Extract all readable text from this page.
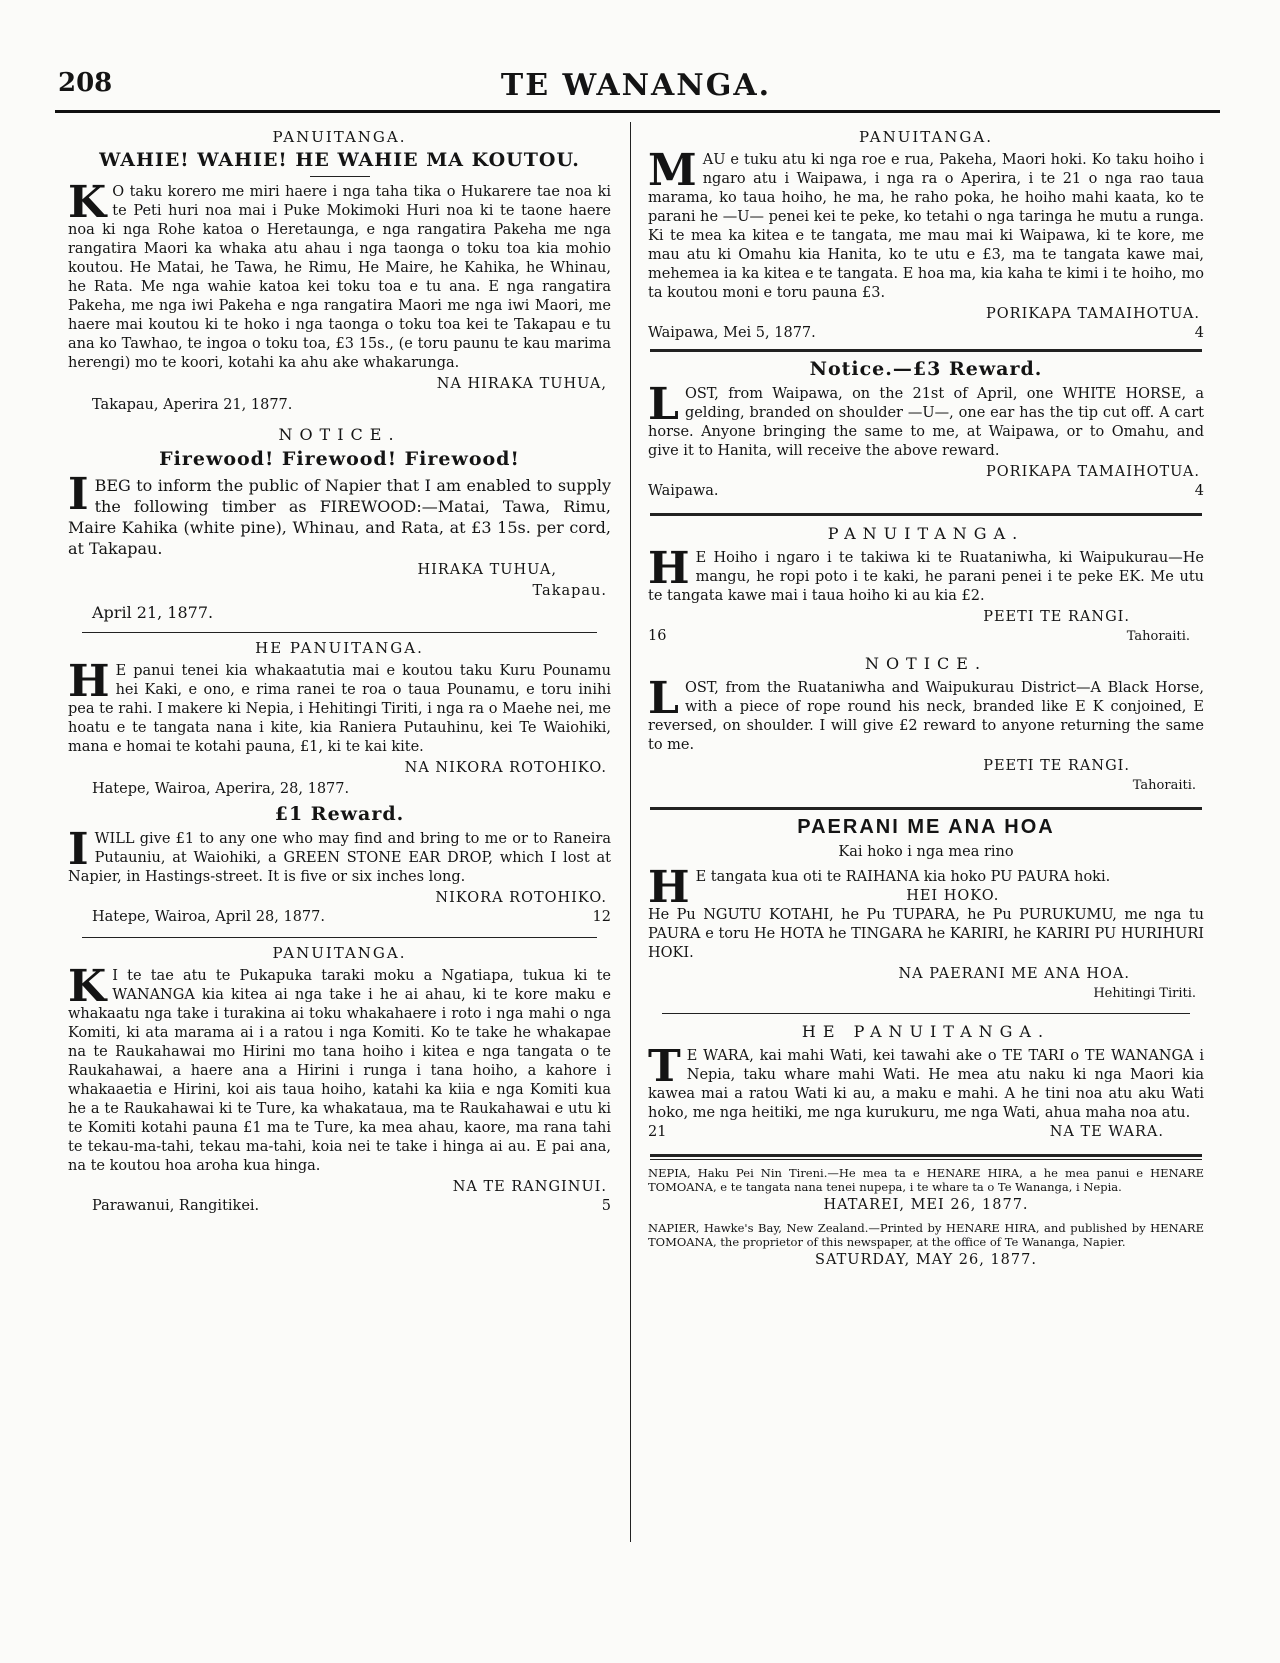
208	TE WANANGA.
PANUITANGA.
WAHIE! WAHIE! HE WAHIE MA KOUTOU.
K O taku korero me miri haere i nga taha tika o Hukarere tae noa ki te Peti huri noa mai i Puke Mokimoki Huri noa ki te taone haere noa ki nga Rohe katoa o Heretaunga, e nga rangatira Pakeha me nga rangatira Maori ka whaka atu ahau i nga taonga o toku toa kia mohio koutou. He Matai, he Tawa, he Rimu, He Maire, he Kahika, he Whinau, he Rata. Me nga wahie katoa kei toku toa e tu ana. E nga rangatira Pakeha, me nga iwi Pakeha e nga rangatira Maori me nga iwi Maori, me haere mai koutou ki te hoko i nga taonga o toku toa kei te Takapau e tu ana ko Tawhao, te ingoa o toku toa, £3 15s., (e toru paunu te kau marima herengi) mo te koori, kotahi ka ahu ake whakarunga.
NA HIRAKA TUHUA,
Takapau, Aperira 21, 1877.
NOTICE.
Firewood! Firewood! Firewood!
IBEG to inform the public of Napier that I am enabled to supply the following timber as FIREWOOD:—Matai, Tawa, Rimu, Maire Kahika (white pine), Whinau, and Rata, at £3 15s. per cord, at Takapau.
HIRAKA TUHUA,
Takapau.
April 21, 1877.
HE PANUITANGA.
H E panui tenei kia whakaatutia mai e koutou taku Kuru Pounamu hei Kaki, e ono, e rima ranei te roa o taua Pounamu, e toru inihi pea te rahi. I makere ki Nepia, i Hehitingi Tiriti, i nga ra o Maehe nei, me hoatu e te tangata nana i kite, kia Raniera Putauhinu, kei Te Waiohiki, mana e homai te kotahi pauna, £1, ki te kai kite.
NA NIKORA ROTOHIKO.
Hatepe, Wairoa, Aperira, 28, 1877.
£1 Reward.
IWILL give £1 to any one who may find and bring to me or to Raneira Putauniu, at Waiohiki, a GREEN STONE EAR DROP, which I lost at Napier, in Hastings-street. It is five or six inches long.
NIKORA ROTOHIKO.
Hatepe, Wairoa, April 28, 1877.	12
PANUITANGA.
K I te tae atu te Pukapuka taraki moku a Ngatiapa, tukua ki te WANANGA kia kitea ai nga take i he ai ahau, ki te kore maku e whakaatu nga take i turakina ai toku whakahaere i roto i nga mahi o nga Komiti, ki ata marama ai i a ratou i nga Komiti. Ko te take he whakapae na te Raukahawai mo Hirini mo tana hoiho i kitea e nga tangata o te Raukahawai, a haere ana a Hirini i runga i tana hoiho, a kahore i whakaaetia e Hirini, koi ais taua hoiho, katahi ka kiia e nga Komiti kua he a te Raukahawai ki te Ture, ka whakataua, ma te Raukahawai e utu ki te Komiti kotahi pauna £1 ma te Ture, ka mea ahau, kaore, ma rana tahi te tekau-ma-tahi, tekau ma-tahi, koia nei te take i hinga ai au. E pai ana, na te koutou hoa aroha kua hinga.
NA TE RANGINUI.
Parawanui, Rangitikei.	5
PANUITANGA.
MAU e tuku atu ki nga roe e rua, Pakeha, Maori hoki. Ko taku hoiho i ngaro atu i Waipawa, i nga ra o Aperira, i te 21 o nga rao taua marama, ko taua hoiho, he ma, he raho poka, he hoiho mahi kaata, ko te parani he —U— penei kei te peke, ko tetahi o nga taringa he mutu a runga. Ki te mea ka kitea e te tangata, me mau mai ki Waipawa, ki te kore, me mau atu ki Omahu kia Hanita, ko te utu e £3, ma te tangata kawe mai, mehemea ia ka kitea e te tangata. E hoa ma, kia kaha te kimi i te hoiho, mo ta koutou moni e toru pauna £3.
PORIKAPA TAMAIHOTUA.
Waipawa, Mei 5, 1877.	4
Notice.—£3 Reward.
LOST, from Waipawa, on the 21st of April, one WHITE HORSE, a gelding, branded on shoulder —U—, one ear has the tip cut off. A cart horse. Anyone bringing the same to me, at Waipawa, or to Omahu, and give it to Hanita, will receive the above reward.
PORIKAPA TAMAIHOTUA.
Waipawa.	4
PANUITANGA.
H E Hoiho i ngaro i te takiwa ki te Ruataniwha, ki Waipukurau—He mangu, he ropi poto i te kaki, he parani penei i te peke EK. Me utu te tangata kawe mai i taua hoiho ki au kia £2.
PEETI TE RANGI.
16	Tahoraiti.
NOTICE.
LOST, from the Ruataniwha and Waipukurau District—A Black Horse, with a piece of rope round his neck, branded like E K conjoined, E reversed, on shoulder. I will give £2 reward to anyone returning the same to me.
PEETI TE RANGI.
Tahoraiti.
PAERANI ME ANA HOA
Kai hoko i nga mea rino
H E tangata kua oti te RAIHANA kia hoko PU PAURA hoki.
HEI HOKO.
He Pu NGUTU KOTAHI, he Pu TUPARA, he Pu PURUKUMU, me nga tu PAURA e toru He HOTA he TINGARA he KARIRI, he KARIRI PU HURIHURI HOKI.
NA PAERANI ME ANA HOA.
Hehitingi Tiriti.
HE PANUITANGA.
T E WARA, kai mahi Wati, kei tawahi ake o TE TARI o TE WANANGA i Nepia, taku whare mahi Wati. He mea atu naku ki nga Maori kia kawea mai a ratou Wati ki au, a maku e mahi. A he tini noa atu aku Wati hoko, me nga heitiki, me nga kurukuru, me nga Wati, ahua maha noa atu.
21	NA TE WARA.
NEPIA, Haku Pei Nin Tireni.—He mea ta e HENARE HIRA, a he mea panui e HENARE TOMOANA, e te tangata nana tenei nupepa, i te whare ta o Te Wananga, i Nepia.
HATAREI, MEI 26, 1877.
NAPIER, Hawke's Bay, New Zealand.—Printed by HENARE HIRA, and published by HENARE TOMOANA, the proprietor of this newspaper, at the office of Te Wananga, Napier.
SATURDAY, MAY 26, 1877.
